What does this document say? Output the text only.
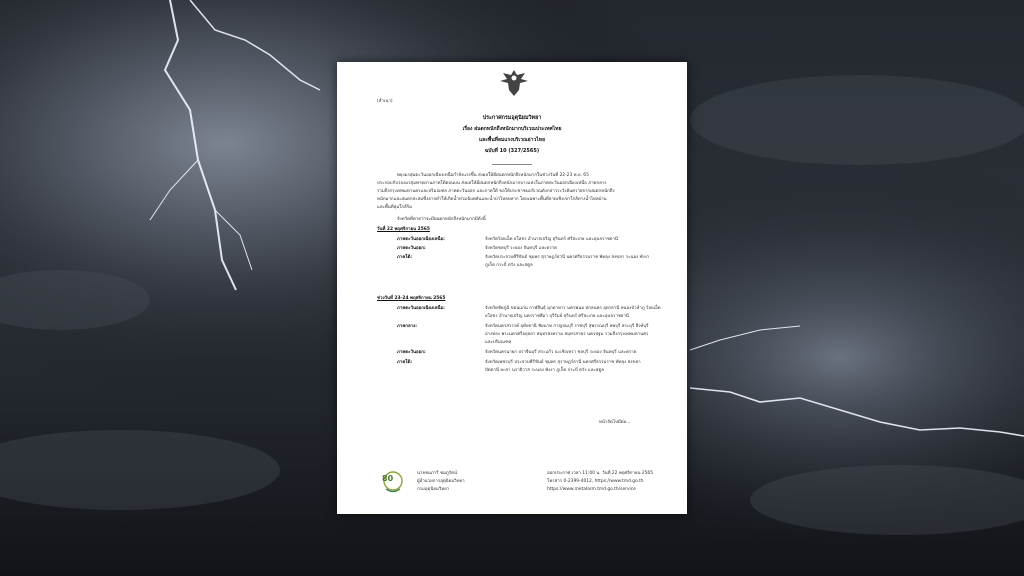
(สำเนา)
ประกาศกรมอุตุนิยมวิทยา
เรื่อง ฝนตกหนักถึงหนักมากบริเวณประเทศไทย
และพื้นที่ลมแรงบริเวณอ่าวไทย
ฉบับที่ 10 (327/2565)
พยุงมรสุมตะวันออกเฉียงเหนือกำลังแรงขึ้น ส่งผลให้มีฝนตกหนักถึงหนักมากในช่วงวันที่ 22-23 พ.ย. 65
ประกอบกับร่องมรสุมพาดผ่านภาคใต้ตอนบน ส่งผลให้มีฝนตกหนักถึงหนักมากบางแห่งในภาคตะวันออกเฉียงเหนือ ภาคกลาง
รวมถึงกรุงเทพมหานครและปริมณฑล ภาคตะวันออก และภาคใต้ ขอให้ประชาชนบริเวณดังกล่าวระวังอันตรายจากฝนตกหนักถึง
หนักมากและฝนตกสะสมซึ่งอาจทำให้เกิดน้ำท่วมฉับพลันและน้ำป่าไหลหลาก โดยเฉพาะพื้นที่ลาดเชิงเขาใกล้ทางน้ำไหลผ่าน
และพื้นที่ลุ่มใกล้ริม
จังหวัดที่คาดว่าจะมีฝนตกหนักถึงหนักมากมีดังนี้
วันที่ 22 พฤศจิกายน 2565
ภาคตะวันออกเฉียงเหนือ:	จังหวัดร้อยเอ็ด ยโสธร อำนาจเจริญ สุรินทร์ ศรีสะเกษ และอุบลราชธานี
ภาคตะวันออก:	จังหวัดชลบุรี ระยอง จันทบุรี และตราด
ภาคใต้:	จังหวัดประจวบคีรีขันธ์ ชุมพร สุราษฎร์ธานี นครศรีธรรมราช พัทลุง สงขลา ระนอง พังงา
ภูเก็ต กระบี่ ตรัง และสตูล
ช่วงวันที่ 23-24 พฤศจิกายน 2565
ภาคตะวันออกเฉียงเหนือ:	จังหวัดชัยภูมิ ขอนแก่น กาฬสินธุ์ มุกดาหาร นครพนม สกลนคร อุดรธานี หนองบัวลำภู ร้อยเอ็ด
ยโสธร อำนาจเจริญ นครราชสีมา บุรีรัมย์ สุรินทร์ ศรีสะเกษ และอุบลราชธานี
ภาคกลาง:	จังหวัดนครสวรรค์ อุทัยธานี ชัยนาท กาญจนบุรี ราชบุรี สุพรรณบุรี ลพบุรี สระบุรี สิงห์บุรี
อ่างทอง พระนครศรีอยุธยา สมุทรสงคราม สมุทรสาคร นครปฐม รวมถึงกรุงเทพมหานคร
และปริมณฑล
ภาคตะวันออก:	จังหวัดนครนายก ปราจีนบุรี สระแก้ว ฉะเชิงเทรา ชลบุรี ระยอง จันทบุรี และตราด
ภาคใต้:	จังหวัดเพชรบุรี ประจวบคีรีขันธ์ ชุมพร สุราษฎร์ธานี นครศรีธรรมราช พัทลุง สงขลา
ปัตตานี ยะลา นราธิวาส ระนอง พังงา ภูเก็ต กระบี่ ตรัง และสตูล
หน้าถัดไปมีต่อ...
80
นายชมภารี ชมภูรัตน์
ผู้อำนวยการอุตุนิยมวิทยา
กรมอุตุนิยมวิทยา
ออกประกาศ เวลา 11:00 น. วันที่ 22 พฤศจิกายน 2565
โทรสาร 0-2399-4012, https://www.tmd.go.th
https://www.metalarm.tmd.go.th/service
